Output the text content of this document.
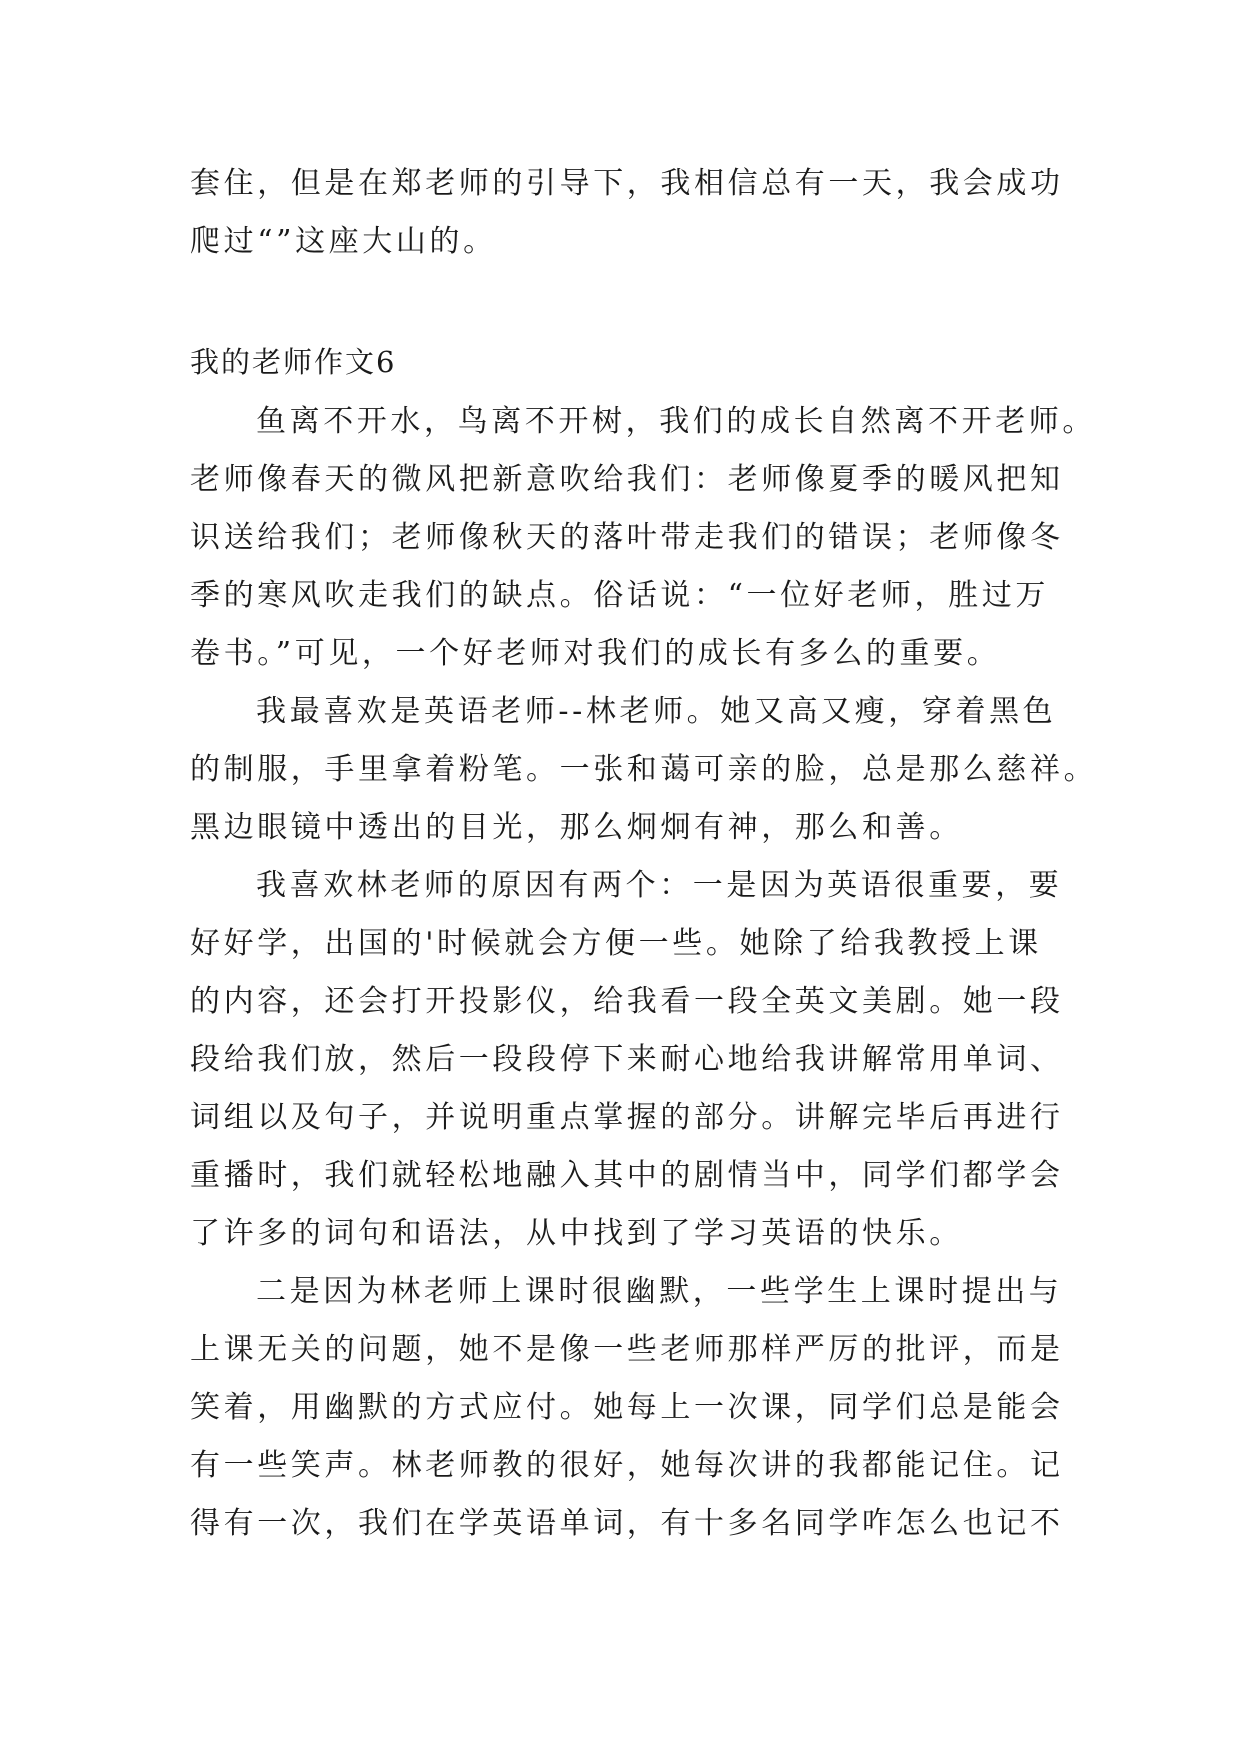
套住，但是在郑老师的引导下，我相信总有一天，我会成功
爬过“”这座大山的。
我的老师作文6
鱼离不开水，鸟离不开树，我们的成长自然离不开老师。
老师像春天的微风把新意吹给我们：老师像夏季的暖风把知
识送给我们；老师像秋天的落叶带走我们的错误；老师像冬
季的寒风吹走我们的缺点。俗话说：“一位好老师，胜过万
卷书。”可见，一个好老师对我们的成长有多么的重要。
我最喜欢是英语老师--林老师。她又高又瘦，穿着黑色
的制服，手里拿着粉笔。一张和蔼可亲的脸，总是那么慈祥。
黑边眼镜中透出的目光，那么炯炯有神，那么和善。
我喜欢林老师的原因有两个：一是因为英语很重要，要
好好学，出国的'时候就会方便一些。她除了给我教授上课
的内容，还会打开投影仪，给我看一段全英文美剧。她一段
段给我们放，然后一段段停下来耐心地给我讲解常用单词、
词组以及句子，并说明重点掌握的部分。讲解完毕后再进行
重播时，我们就轻松地融入其中的剧情当中，同学们都学会
了许多的词句和语法，从中找到了学习英语的快乐。
二是因为林老师上课时很幽默，一些学生上课时提出与
上课无关的问题，她不是像一些老师那样严厉的批评，而是
笑着，用幽默的方式应付。她每上一次课，同学们总是能会
有一些笑声。林老师教的很好，她每次讲的我都能记住。记
得有一次，我们在学英语单词，有十多名同学咋怎么也记不
